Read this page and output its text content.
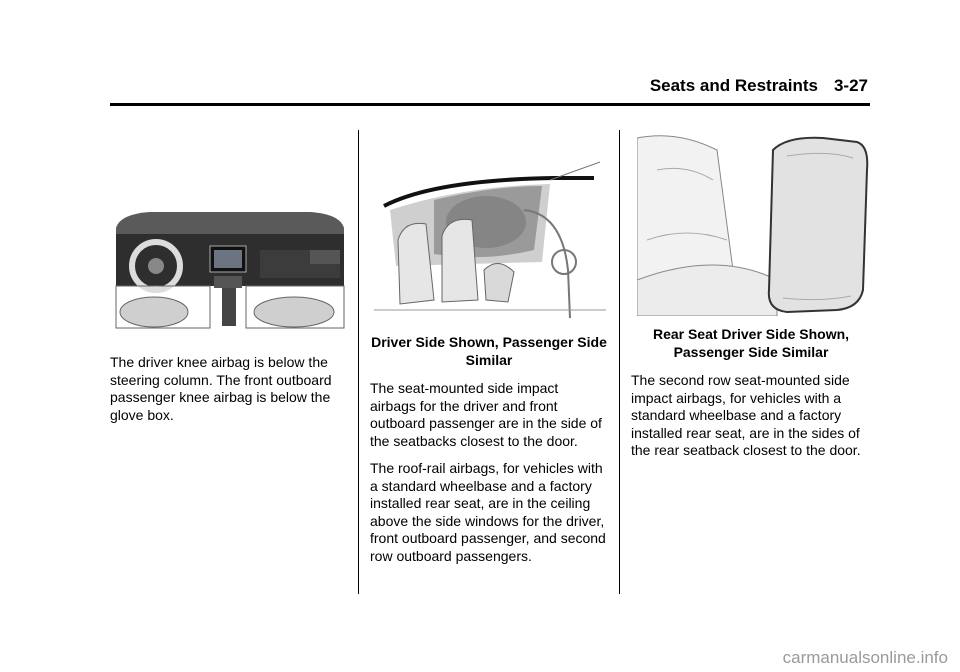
Seats and Restraints 3-27

The driver knee airbag is below the steering column. The front outboard passenger knee airbag is below the glove box.

Driver Side Shown, Passenger Side Similar

The seat-mounted side impact airbags for the driver and front outboard passenger are in the side of the seatbacks closest to the door.

The roof-rail airbags, for vehicles with a standard wheelbase and a factory installed rear seat, are in the ceiling above the side windows for the driver, front outboard passenger, and second row outboard passengers.

Rear Seat Driver Side Shown, Passenger Side Similar

The second row seat-mounted side impact airbags, for vehicles with a standard wheelbase and a factory installed rear seat, are in the sides of the rear seatback closest to the door.

carmanualsonline.info
